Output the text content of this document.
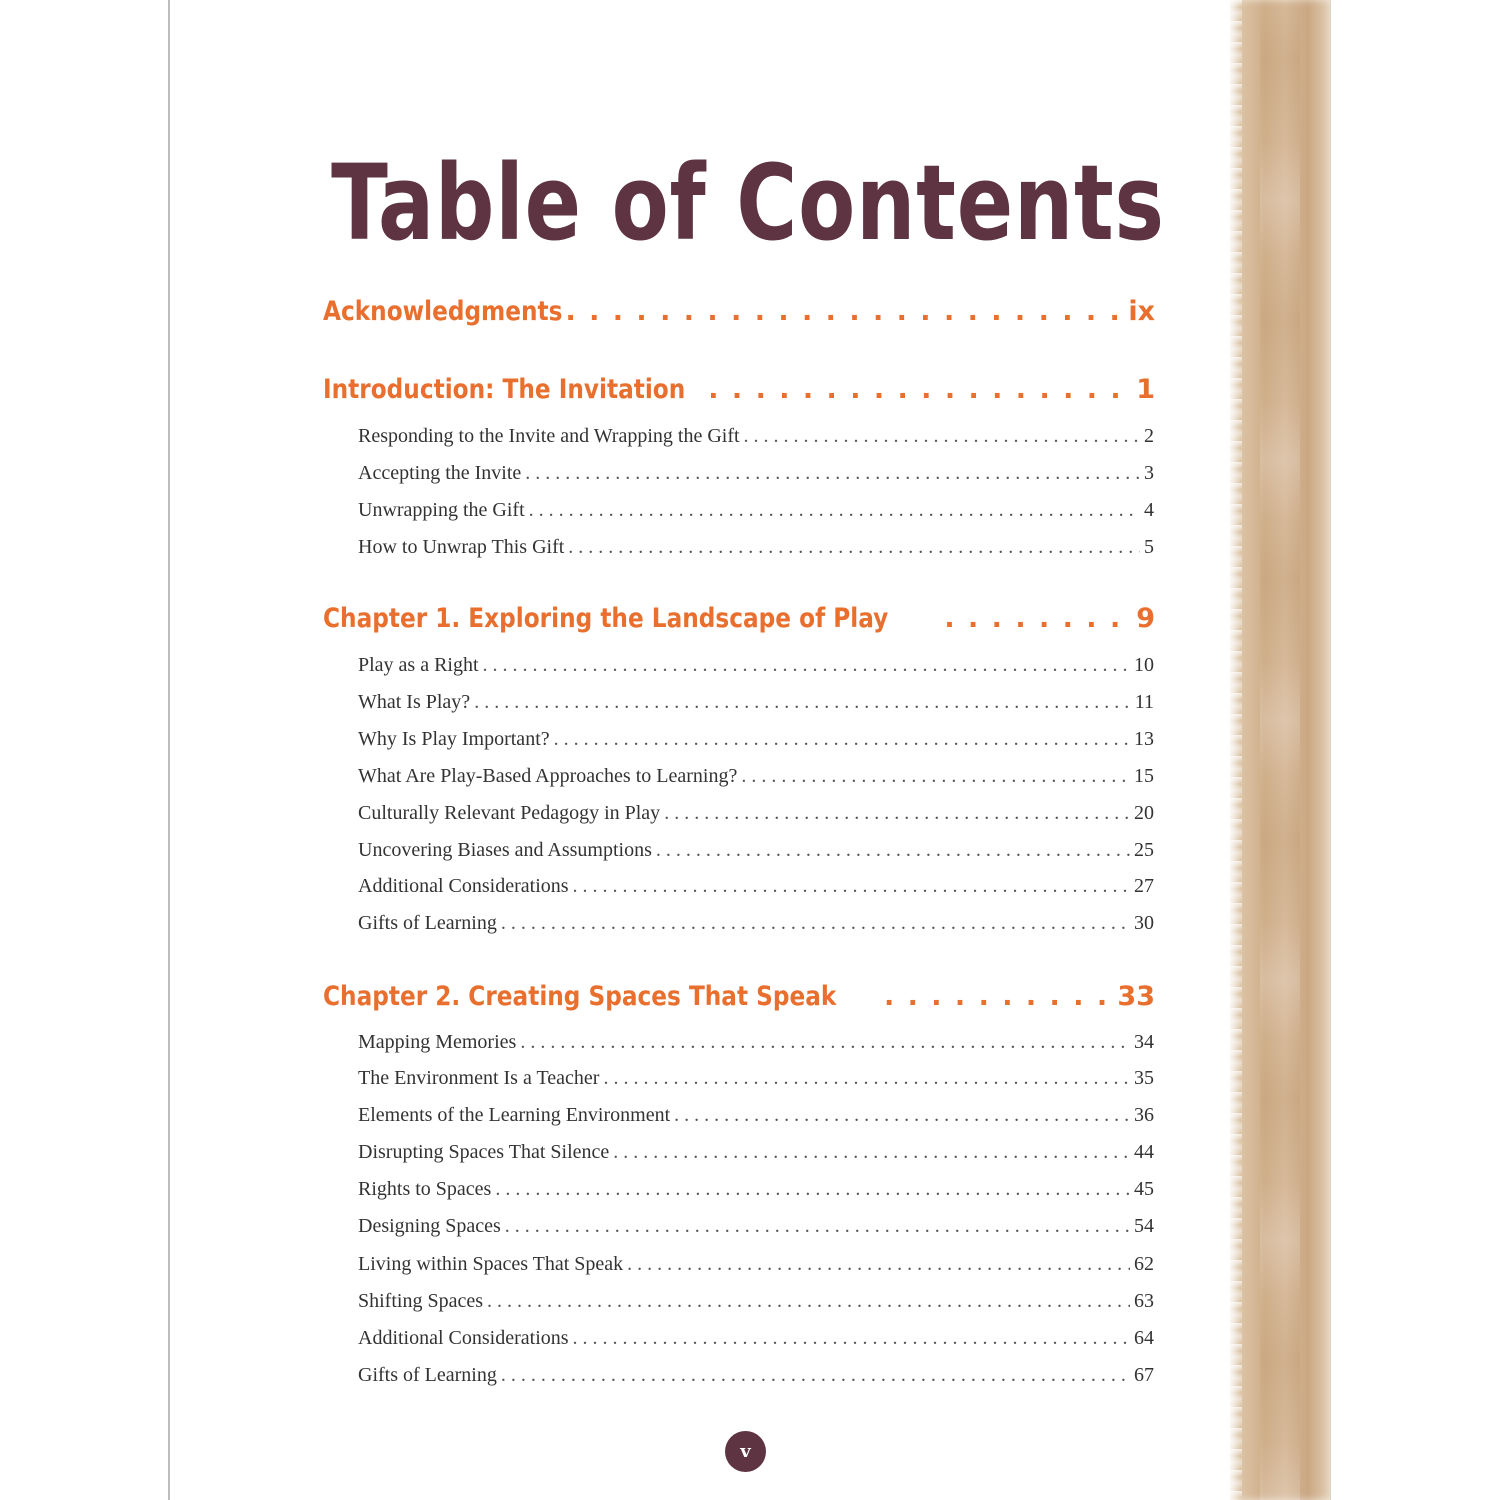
Table of Contents
Acknowledgments . . .	ix
Introduction: The Invitation . . .	1
Responding to the Invite and Wrapping the Gift . . .	2
Accepting the Invite . . .	3
Unwrapping the Gift . . .	4
How to Unwrap This Gift . . .	5
Chapter 1. Exploring the Landscape of Play . . .	9
Play as a Right . . .	10
What Is Play? . . .	11
Why Is Play Important? . . .	13
What Are Play-Based Approaches to Learning? . . .	15
Culturally Relevant Pedagogy in Play . . .	20
Uncovering Biases and Assumptions . . .	25
Additional Considerations . . .	27
Gifts of Learning . . .	30
Chapter 2. Creating Spaces That Speak . . .	33
Mapping Memories . . .	34
The Environment Is a Teacher . . .	35
Elements of the Learning Environment . . .	36
Disrupting Spaces That Silence . . .	44
Rights to Spaces . . .	45
Designing Spaces . . .	54
Living within Spaces That Speak . . .	62
Shifting Spaces . . .	63
Additional Considerations . . .	64
Gifts of Learning . . .	67
v
